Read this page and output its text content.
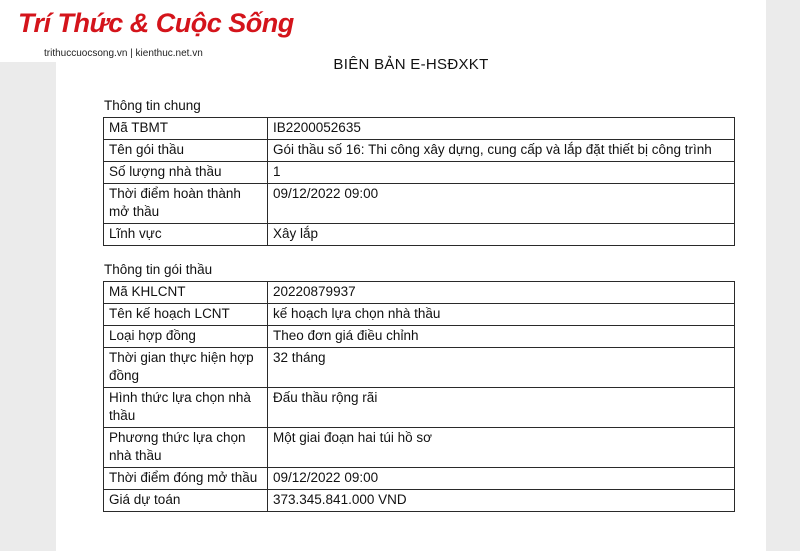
Trí Thức & Cuộc Sống
trithuccuocsong.vn | kienthuc.net.vn
BIÊN BẢN E-HSĐXKT
Thông tin chung
Mã TBMT	IB2200052635
Tên gói thầu	Gói thầu số 16: Thi công xây dựng, cung cấp và lắp đặt thiết bị công trình
Số lượng nhà thầu	1
Thời điểm hoàn thành mở thầu	09/12/2022 09:00
Lĩnh vực	Xây lắp
Thông tin gói thầu
Mã KHLCNT	20220879937
Tên kế hoạch LCNT	kế hoạch lựa chọn nhà thầu
Loại hợp đồng	Theo đơn giá điều chỉnh
Thời gian thực hiện hợp đồng	32 tháng
Hình thức lựa chọn nhà thầu	Đấu thầu rộng rãi
Phương thức lựa chọn nhà thầu	Một giai đoạn hai túi hồ sơ
Thời điểm đóng mở thầu	09/12/2022 09:00
Giá dự toán	373.345.841.000 VND
